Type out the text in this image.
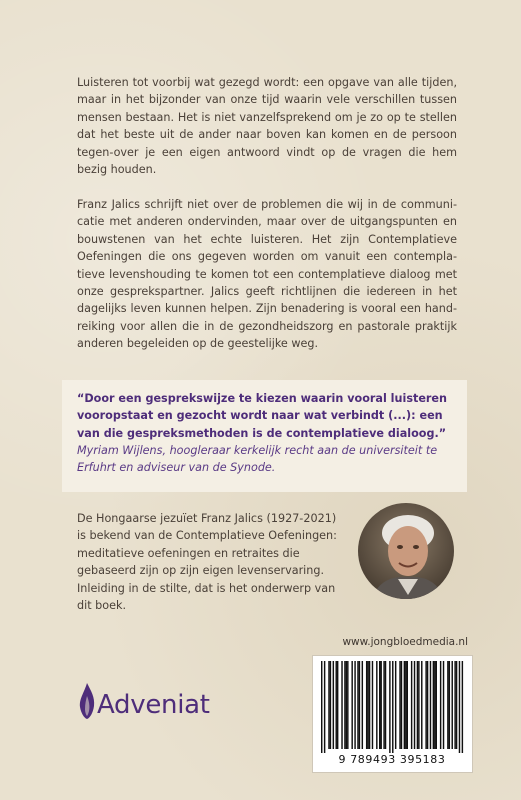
Luisteren tot voorbij wat gezegd wordt: een opgave van alle tijden, maar in het bijzonder van onze tijd waarin vele verschillen tussen mensen bestaan. Het is niet vanzelfsprekend om je zo op te stellen dat het beste uit de ander naar boven kan komen en de persoon tegen-over je een eigen antwoord vindt op de vragen die hem bezig houden.

Franz Jalics schrijft niet over de problemen die wij in de communi-catie met anderen ondervinden, maar over de uitgangspunten en bouwstenen van het echte luisteren. Het zijn Contemplatieve Oefeningen die ons gegeven worden om vanuit een contempla-tieve levenshouding te komen tot een contemplatieve dialoog met onze gesprekspartner. Jalics geeft richtlijnen die iedereen in het dagelijks leven kunnen helpen. Zijn benadering is vooral een hand-reiking voor allen die in de gezondheidszorg en pastorale praktijk anderen begeleiden op de geestelijke weg.

“Door een gesprekswijze te kiezen waarin vooral luisteren vooropstaat en gezocht wordt naar wat verbindt (...): een van die gespreksmethoden is de contemplatieve dialoog.”

Myriam Wijlens, hoogleraar kerkelijk recht aan de universiteit te Erfuhrt en adviseur van de Synode.

De Hongaarse jezuïet Franz Jalics (1927-2021) is bekend van de Contemplatieve Oefeningen: meditatieve oefeningen en retraites die gebaseerd zijn op zijn eigen levenservaring. Inleiding in de stilte, dat is het onderwerp van dit boek.

www.jongbloedmedia.nl
9 789493 395183
Adveniat
